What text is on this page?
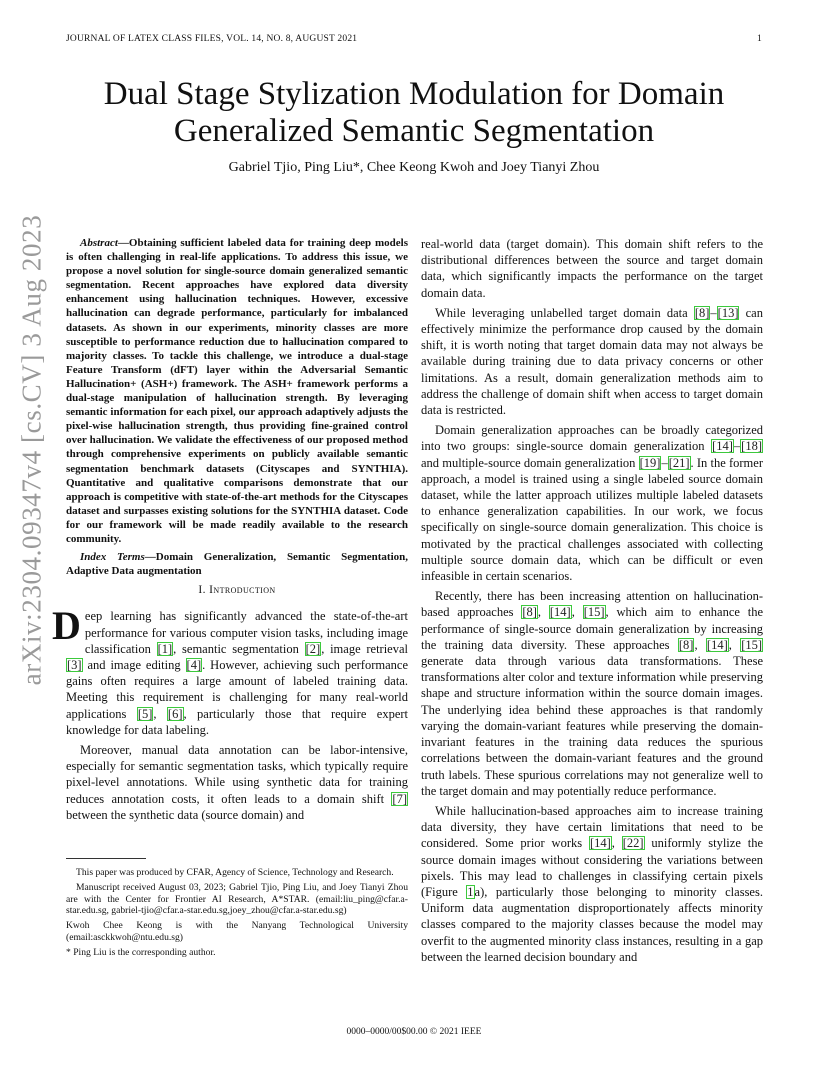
JOURNAL OF LATEX CLASS FILES, VOL. 14, NO. 8, AUGUST 2021	1
arXiv:2304.09347v4 [cs.CV] 3 Aug 2023
Dual Stage Stylization Modulation for Domain
Generalized Semantic Segmentation

Gabriel Tjio, Ping Liu*, Chee Keong Kwoh and Joey Tianyi Zhou

Abstract—Obtaining sufficient labeled data for training deep models is often challenging in real-life applications. To address this issue, we propose a novel solution for single-source domain generalized semantic segmentation. Recent approaches have explored data diversity enhancement using hallucination techniques. However, excessive hallucination can degrade performance, particularly for imbalanced datasets. As shown in our experiments, minority classes are more susceptible to performance reduction due to hallucination compared to majority classes. To tackle this challenge, we introduce a dual-stage Feature Transform (dFT) layer within the Adversarial Semantic Hallucination+ (ASH+) framework. The ASH+ framework performs a dual-stage manipulation of hallucination strength. By leveraging semantic information for each pixel, our approach adaptively adjusts the pixel-wise hallucination strength, thus providing fine-grained control over hallucination. We validate the effectiveness of our proposed method through comprehensive experiments on publicly available semantic segmentation benchmark datasets (Cityscapes and SYNTHIA). Quantitative and qualitative comparisons demonstrate that our approach is competitive with state-of-the-art methods for the Cityscapes dataset and surpasses existing solutions for the SYNTHIA dataset. Code for our framework will be made readily available to the research community.

Index Terms—Domain Generalization, Semantic Segmentation, Adaptive Data augmentation

I. Introduction

Deep learning has significantly advanced the state-of-the-art performance for various computer vision tasks, including image classification [1], semantic segmentation [2], image retrieval [3] and image editing [4]. However, achieving such performance gains often requires a large amount of labeled training data. Meeting this requirement is challenging for many real-world applications [5], [6], particularly those that require expert knowledge for data labeling.

Moreover, manual data annotation can be labor-intensive, especially for semantic segmentation tasks, which typically require pixel-level annotations. While using synthetic data for training reduces annotation costs, it often leads to a domain shift [7] between the synthetic data (source domain) and

This paper was produced by CFAR, Agency of Science, Technology and Research.

Manuscript received August 03, 2023; Gabriel Tjio, Ping Liu, and Joey Tianyi Zhou are with the Center for Frontier AI Research, A*STAR. (email:liu_ping@cfar.a-star.edu.sg, gabriel-tjio@cfar.a-star.edu.sg,joey_zhou@cfar.a-star.edu.sg)

Kwoh Chee Keong is with the Nanyang Technological University (email:asckkwoh@ntu.edu.sg)

* Ping Liu is the corresponding author.

real-world data (target domain). This domain shift refers to the distributional differences between the source and target domain data, which significantly impacts the performance on the target domain data.

While leveraging unlabelled target domain data [8]–[13] can effectively minimize the performance drop caused by the domain shift, it is worth noting that target domain data may not always be available during training due to data privacy concerns or other limitations. As a result, domain generalization methods aim to address the challenge of domain shift when access to target domain data is restricted.

Domain generalization approaches can be broadly categorized into two groups: single-source domain generalization [14]–[18] and multiple-source domain generalization [19]–[21]. In the former approach, a model is trained using a single labeled source domain dataset, while the latter approach utilizes multiple labeled datasets to enhance generalization capabilities. In our work, we focus specifically on single-source domain generalization. This choice is motivated by the practical challenges associated with collecting multiple source domain data, which can be difficult or even infeasible in certain scenarios.

Recently, there has been increasing attention on hallucination-based approaches [8], [14], [15], which aim to enhance the performance of single-source domain generalization by increasing the training data diversity. These approaches [8], [14], [15] generate data through various data transformations. These transformations alter color and texture information while preserving shape and structure information within the source domain images. The underlying idea behind these approaches is that randomly varying the domain-variant features while preserving the domain-invariant features in the training data reduces the spurious correlations between the domain-variant features and the ground truth labels. These spurious correlations may not generalize well to the target domain and may potentially reduce performance.

While hallucination-based approaches aim to increase training data diversity, they have certain limitations that need to be considered. Some prior works [14], [22] uniformly stylize the source domain images without considering the variations between pixels. This may lead to challenges in classifying certain pixels (Figure 1a), particularly those belonging to minority classes. Uniform data augmentation disproportionately affects minority classes compared to the majority classes because the model may overfit to the augmented minority class instances, resulting in a gap between the learned decision boundary and

0000–0000/00$00.00 © 2021 IEEE
